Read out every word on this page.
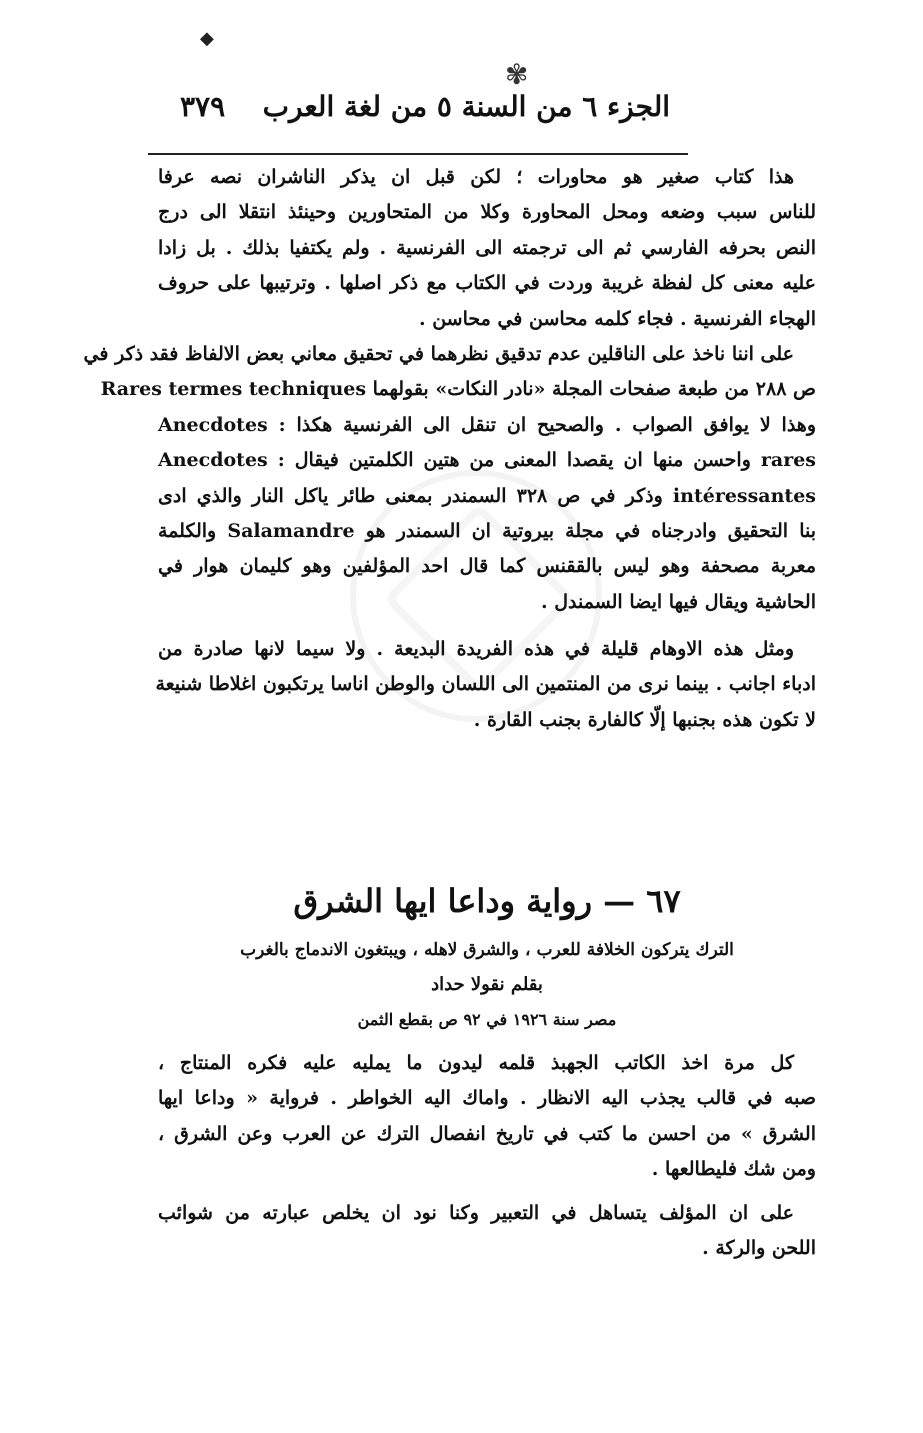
◆
✾
الجزء ٦ من السنة ٥ من لغة العرب
٣٧٩
هذا كتاب صغير هو محاورات ؛ لكن قبل ان يذكر الناشران نصه عرفا
للناس سبب وضعه ومحل المحاورة وكلا من المتحاورين وحينئذ انتقلا الى درج
النص بحرفه الفارسي ثم الى ترجمته الى الفرنسية . ولم يكتفيا بذلك . بل زادا
عليه معنى كل لفظة غريبة وردت في الكتاب مع ذكر اصلها . وترتيبها على حروف
الهجاء الفرنسية . فجاء كلمه محاسن في محاسن .
على اننا ناخذ على الناقلين عدم تدقيق نظرهما في تحقيق معاني بعض الالفاظ فقد ذكر في
ص ٢٨٨ من طبعة صفحات المجلة «نادر النكات» بقولهما Rares termes techniques
وهذا لا يوافق الصواب . والصحيح ان تنقل الى الفرنسية هكذا : Anecdotes
rares واحسن منها ان يقصدا المعنى من هتين الكلمتين فيقال : Anecdotes
intéressantes وذكر في ص ٣٢٨ السمندر بمعنى طائر ياكل النار والذي ادى
بنا التحقيق وادرجناه في مجلة بيروتية ان السمندر هو Salamandre والكلمة
معربة مصحفة وهو ليس بالققنس كما قال احد المؤلفين وهو كليمان هوار في
الحاشية ويقال فيها ايضا السمندل .
ومثل هذه الاوهام قليلة في هذه الفريدة البديعة . ولا سيما لانها صادرة من
ادباء اجانب . بينما نرى من المنتمين الى اللسان والوطن اناسا يرتكبون اغلاطا شنيعة
لا تكون هذه بجنبها إلّا كالفارة بجنب القارة .
٦٧ — رواية وداعا ايها الشرق
الترك يتركون الخلافة للعرب ، والشرق لاهله ، ويبتغون الاندماج بالغرب
بقلم نقولا حداد
مصر سنة ١٩٢٦ في ٩٢ ص بقطع الثمن
كل مرة اخذ الكاتب الجهبذ قلمه ليدون ما يمليه عليه فكره المنتاج ،
صبه في قالب يجذب اليه الانظار . واماك اليه الخواطر . فرواية « وداعا ايها
الشرق » من احسن ما كتب في تاريخ انفصال الترك عن العرب وعن الشرق ،
ومن شك فليطالعها .
على ان المؤلف يتساهل في التعبير وكنا نود ان يخلص عبارته من شوائب
اللحن والركة .
